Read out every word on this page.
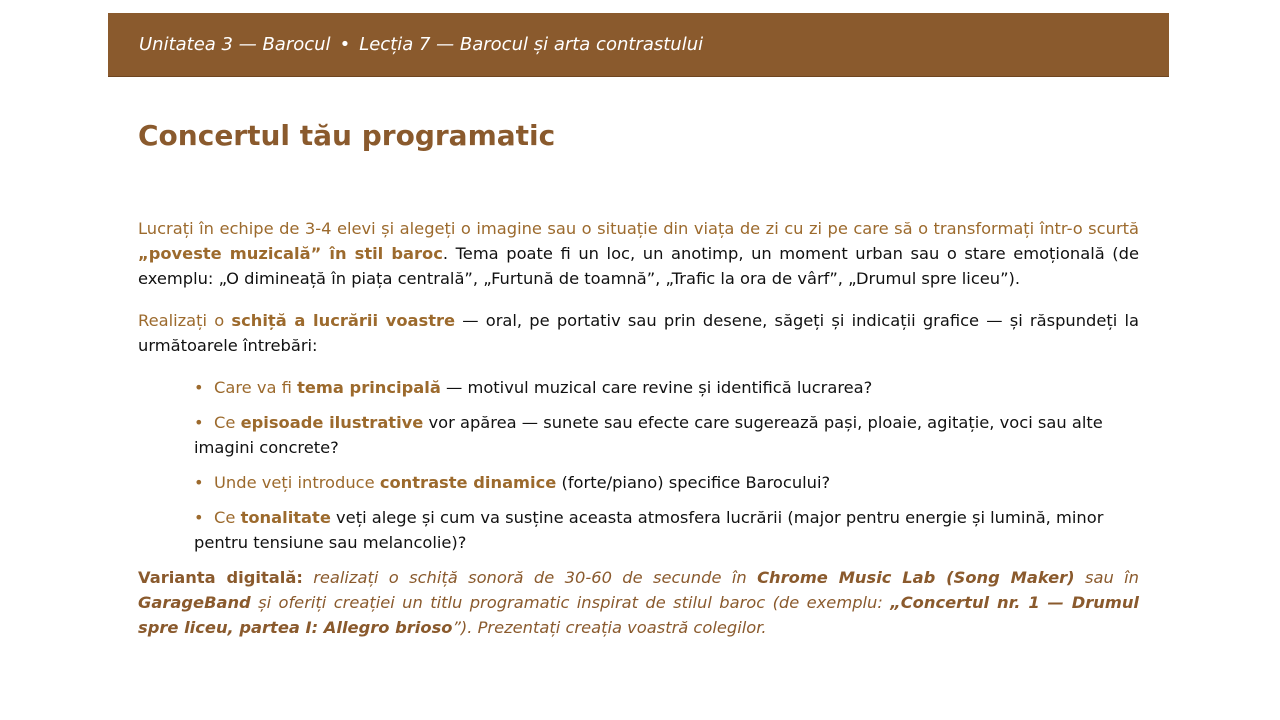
Unitatea 3 — Barocul • Lecția 7 — Barocul și arta contrastului
Concertul tău programatic

Lucrați în echipe de 3-4 elevi și alegeți o imagine sau o situație din viața de zi cu zi pe care să o transformați într-o scurtă „poveste muzicală” în stil baroc. Tema poate fi un loc, un anotimp, un moment urban sau o stare emoțională (de exemplu: „O dimineață în piața centrală”, „Furtună de toamnă”, „Trafic la ora de vârf”, „Drumul spre liceu”).

Realizați o schiță a lucrării voastre — oral, pe portativ sau prin desene, săgeți și indicații grafice — și răspundeți la următoarele întrebări:

• Care va fi tema principală — motivul muzical care revine și identifică lucrarea?
• Ce episoade ilustrative vor apărea — sunete sau efecte care sugerează pași, ploaie, agitație, voci sau alte imagini concrete?
• Unde veți introduce contraste dinamice (forte/piano) specifice Barocului?
• Ce tonalitate veți alege și cum va susține aceasta atmosfera lucrării (major pentru energie și lumină, minor pentru tensiune sau melancolie)?

Varianta digitală: realizați o schiță sonoră de 30-60 de secunde în Chrome Music Lab (Song Maker) sau în GarageBand și oferiți creației un titlu programatic inspirat de stilul baroc (de exemplu: „Concertul nr. 1 — Drumul spre liceu, partea I: Allegro brioso”). Prezentați creația voastră colegilor.
